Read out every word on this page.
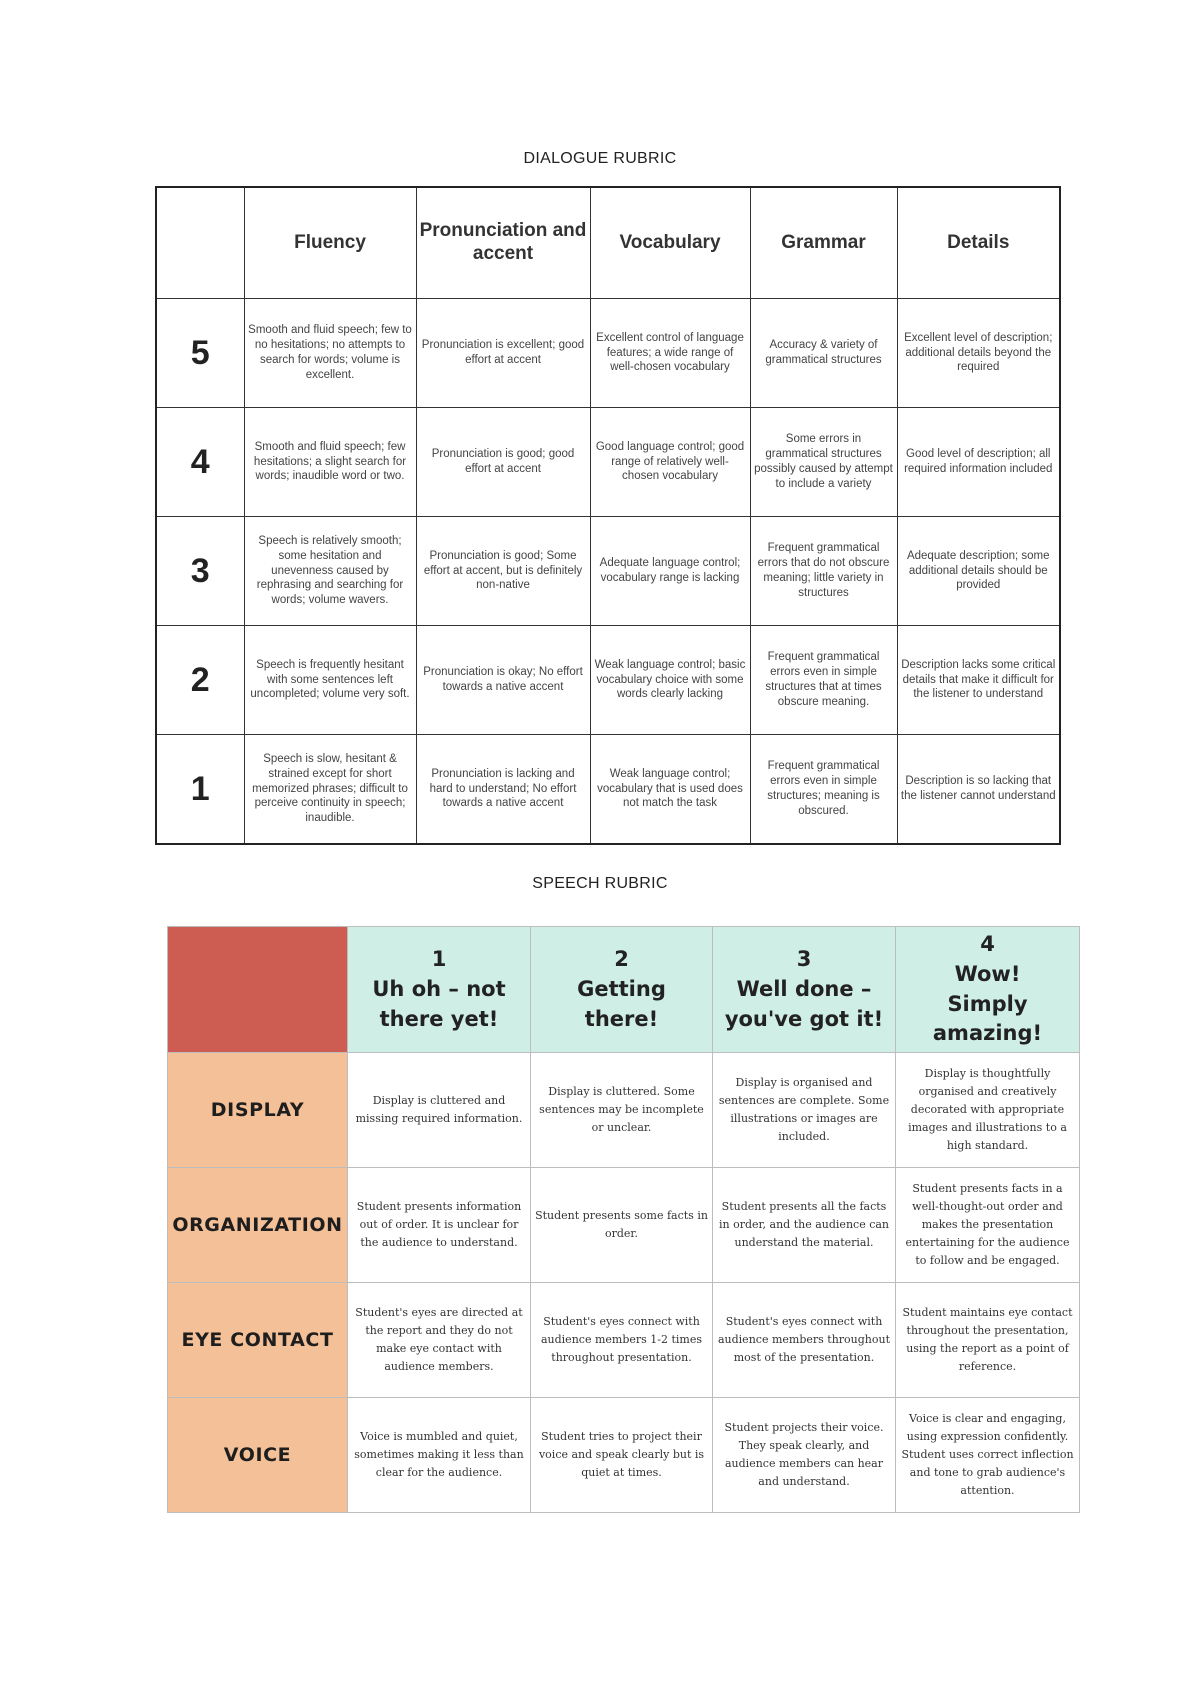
DIALOGUE RUBRIC
	Fluency	Pronunciation and accent	Vocabulary	Grammar	Details
5	Smooth and fluid speech; few to no hesitations; no attempts to search for words; volume is excellent.	Pronunciation is excellent; good effort at accent	Excellent control of language features; a wide range of well-chosen vocabulary	Accuracy & variety of grammatical structures	Excellent level of description; additional details beyond the required
4	Smooth and fluid speech; few hesitations; a slight search for words; inaudible word or two.	Pronunciation is good; good effort at accent	Good language control; good range of relatively well-chosen vocabulary	Some errors in grammatical structures possibly caused by attempt to include a variety	Good level of description; all required information included
3	Speech is relatively smooth; some hesitation and unevenness caused by rephrasing and searching for words; volume wavers.	Pronunciation is good; Some effort at accent, but is definitely non-native	Adequate language control; vocabulary range is lacking	Frequent grammatical errors that do not obscure meaning; little variety in structures	Adequate description; some additional details should be provided
2	Speech is frequently hesitant with some sentences left uncompleted; volume very soft.	Pronunciation is okay; No effort towards a native accent	Weak language control; basic vocabulary choice with some words clearly lacking	Frequent grammatical errors even in simple structures that at times obscure meaning.	Description lacks some critical details that make it difficult for the listener to understand
1	Speech is slow, hesitant & strained except for short memorized phrases; difficult to perceive continuity in speech; inaudible.	Pronunciation is lacking and hard to understand; No effort towards a native accent	Weak language control; vocabulary that is used does not match the task	Frequent grammatical errors even in simple structures; meaning is obscured.	Description is so lacking that the listener cannot understand
SPEECH RUBRIC

	1
Uh oh – not
there yet!	2
Getting
there!	3
Well done –
you've got it!	4
Wow!
Simply amazing!

DISPLAY	Display is cluttered and missing required information.	Display is cluttered. Some sentences may be incomplete or unclear.	Display is organised and sentences are complete. Some illustrations or images are included.	Display is thoughtfully organised and creatively decorated with appropriate images and illustrations to a high standard.
ORGANIZATION	Student presents information out of order. It is unclear for the audience to understand.	Student presents some facts in order.	Student presents all the facts in order, and the audience can understand the material.	Student presents facts in a well-thought-out order and makes the presentation entertaining for the audience to follow and be engaged.
EYE CONTACT	Student's eyes are directed at the report and they do not make eye contact with audience members.	Student's eyes connect with audience members 1-2 times throughout presentation.	Student's eyes connect with audience members throughout most of the presentation.	Student maintains eye contact throughout the presentation, using the report as a point of reference.
VOICE	Voice is mumbled and quiet, sometimes making it less than clear for the audience.	Student tries to project their voice and speak clearly but is quiet at times.	Student projects their voice. They speak clearly, and audience members can hear and understand.	Voice is clear and engaging, using expression confidently. Student uses correct inflection and tone to grab audience's attention.
